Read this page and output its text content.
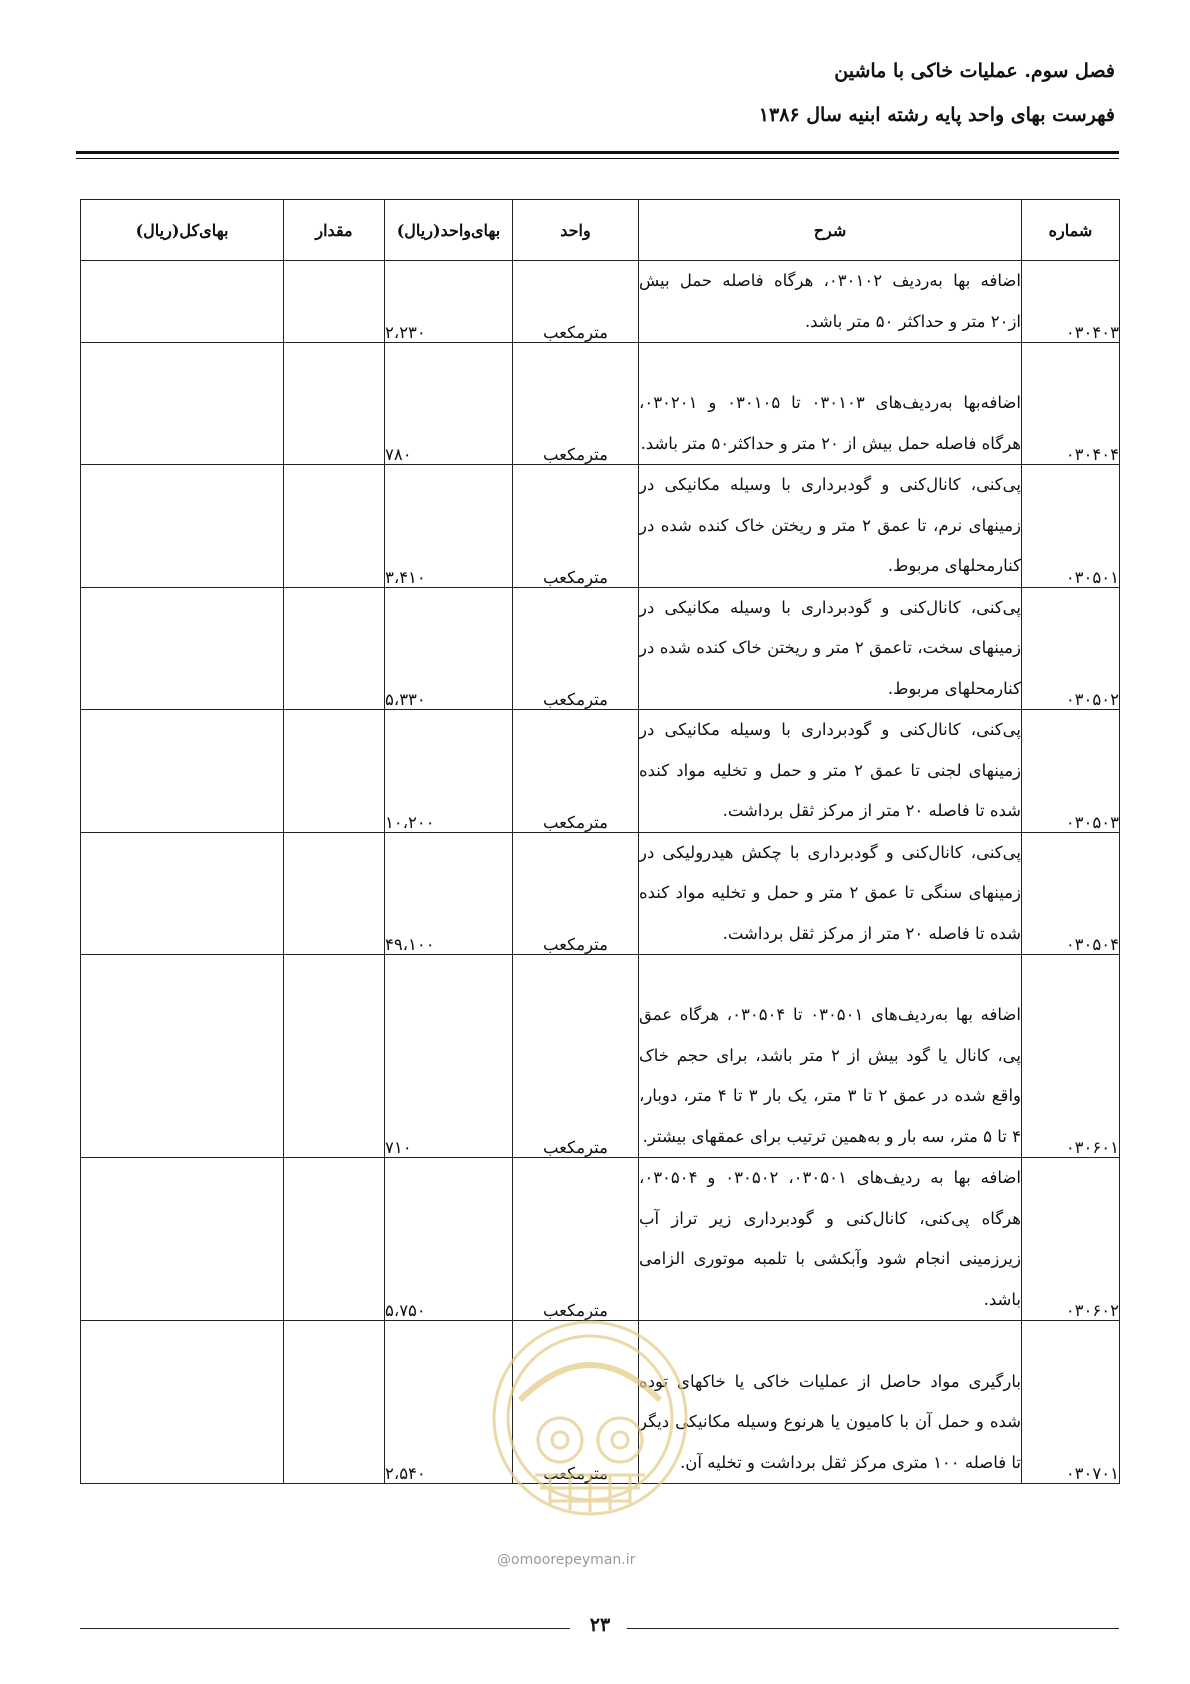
فصل سوم. عملیات خاکی با ماشین
فهرست بهای واحد پایه رشته ابنیه سال ۱۳۸۶
شماره	شرح	واحد	بهای‌واحد(ریال)	مقدار	بهای‌کل(ریال)
۰۳۰۴۰۳	اضافه بها به‌ردیف ۰۳۰۱۰۲، هرگاه فاصله حمل بیش از۲۰ متر و حداکثر ۵۰ متر باشد.	مترمکعب	۲،۲۳۰		
۰۳۰۴۰۴	اضافه‌بها به‌ردیف‌های ۰۳۰۱۰۳ تا ۰۳۰۱۰۵ و ۰۳۰۲۰۱، هرگاه فاصله حمل بیش از ۲۰ متر و حداکثر۵۰ متر باشد.	مترمکعب	۷۸۰		
۰۳۰۵۰۱	پی‌کنی، کانال‌کنی و گودبرداری با وسیله مکانیکی در زمینهای نرم، تا عمق ۲ متر و ریختن خاک کنده شده در کنارمحلهای مربوط.	مترمکعب	۳،۴۱۰		
۰۳۰۵۰۲	پی‌کنی، کانال‌کنی و گودبرداری با وسیله مکانیکی در زمینهای سخت، تاعمق ۲ متر و ریختن خاک کنده شده در کنارمحلهای مربوط.	مترمکعب	۵،۳۳۰		
۰۳۰۵۰۳	پی‌کنی، کانال‌کنی و گودبرداری با وسیله مکانیکی در زمینهای لجنی تا عمق ۲ متر و حمل و تخلیه مواد کنده شده تا فاصله ۲۰ متر از مرکز ثقل برداشت.	مترمکعب	۱۰،۲۰۰		
۰۳۰۵۰۴	پی‌کنی، کانال‌کنی و گودبرداری با چکش هیدرولیکی در زمینهای سنگی تا عمق ۲ متر و حمل و تخلیه مواد کنده شده تا فاصله ۲۰ متر از مرکز ثقل برداشت.	مترمکعب	۴۹،۱۰۰		
۰۳۰۶۰۱	اضافه بها به‌ردیف‌های ۰۳۰۵۰۱ تا ۰۳۰۵۰۴، هرگاه عمق پی، کانال یا گود بیش از ۲ متر باشد، برای حجم خاک واقع شده در عمق ۲ تا ۳ متر، یک بار ۳ تا ۴ متر، دوبار، ۴ تا ۵ متر، سه بار و به‌همین ترتیب برای عمقهای بیشتر.	مترمکعب	۷۱۰		
۰۳۰۶۰۲	اضافه بها به ردیف‌های ۰۳۰۵۰۱، ۰۳۰۵۰۲ و ۰۳۰۵۰۴، هرگاه پی‌کنی، کانال‌کنی و گودبرداری زیر تراز آب زیرزمینی انجام شود وآبکشی با تلمبه موتوری الزامی باشد.	مترمکعب	۵،۷۵۰		
۰۳۰۷۰۱	بارگیری مواد حاصل از عملیات خاکی یا خاکهای توده شده و حمل آن با کامیون یا هرنوع وسیله مکانیکی دیگر تا فاصله ۱۰۰ متری مرکز ثقل برداشت و تخلیه آن.	مترمکعب	۲،۵۴۰		
@omoorepeyman.ir
۲۳
